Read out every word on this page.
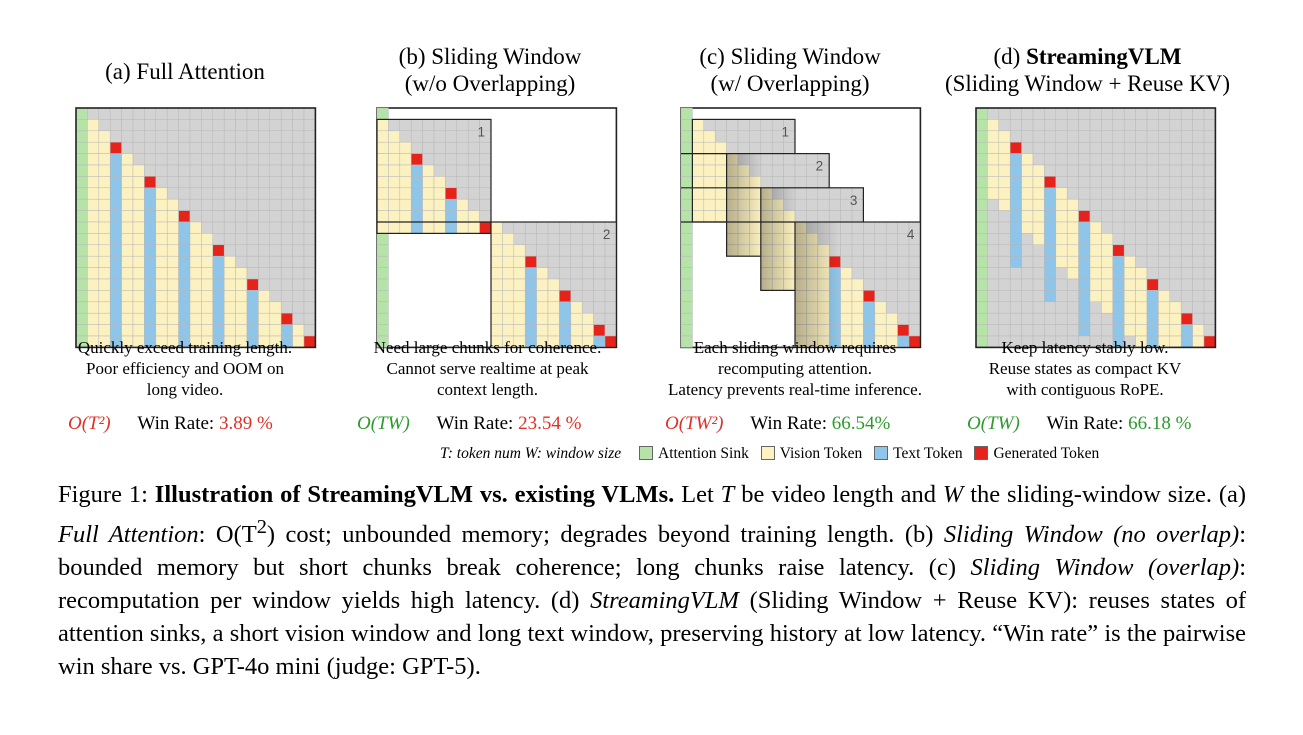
1
2
1
2
3
4
(a) Full Attention
(b) Sliding Window
(w/o Overlapping)
(c) Sliding Window
(w/ Overlapping)
(d) StreamingVLM
(Sliding Window + Reuse KV)
Quickly exceed training length.
Poor efficiency and OOM on
long video.
Need large chunks for coherence.
Cannot serve realtime at peak
context length.
Each sliding window requires
recomputing attention.
Latency prevents real-time inference.
Keep latency stably low.
Reuse states as compact KV
with contiguous RoPE.
O(T²) Win Rate: 3.89 %	O(TW) Win Rate: 23.54 %	O(TW²) Win Rate: 66.54%	O(TW) Win Rate: 66.18 %
T: token num W: window size Attention Sink Vision Token Text Token Generated Token
Figure 1: Illustration of StreamingVLM vs. existing VLMs. Let T be video length and W the sliding-window size. (a) Full Attention: $O(T^2)$ cost; unbounded memory; degrades beyond training length. (b) Sliding Window (no overlap): bounded memory but short chunks break coherence; long chunks raise latency. (c) Sliding Window (overlap): recomputation per window yields high latency. (d) StreamingVLM (Sliding Window + Reuse KV): reuses states of attention sinks, a short vision window and long text window, preserving history at low latency. “Win rate” is the pairwise win share vs. GPT-4o mini (judge: GPT-5).
